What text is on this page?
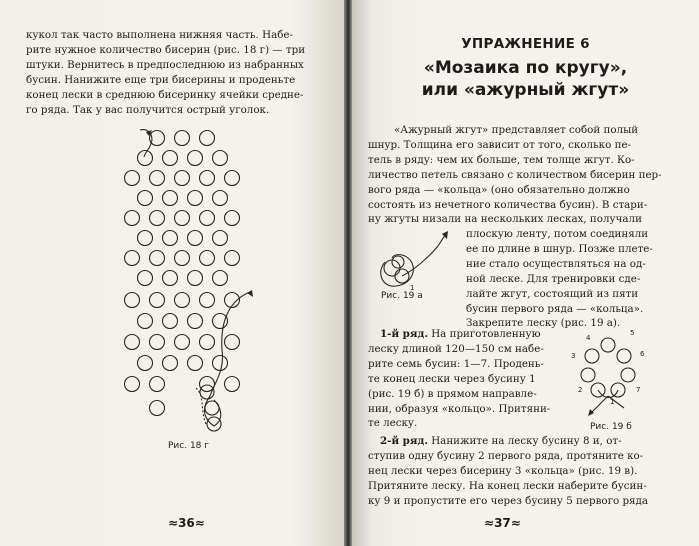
кукол так часто выполнена нижняя часть. Набе-
рите нужное количество бисерин (рис. 18 г) — три
штуки. Вернитесь в предпоследнюю из набранных
бусин. Нанижите еще три бисерины и проденьте
конец лески в среднюю бисеринку ячейки средне-
го ряда. Так у вас получится острый уголок.
Рис. 18 г
≈36≈
УПРАЖНЕНИЕ 6
«Мозаика по кругу»,
или «ажурный жгут»
«Ажурный жгут» представляет собой полый
шнур. Толщина его зависит от того, сколько пе-
тель в ряду: чем их больше, тем толще жгут. Ко-
личество петель связано с количеством бисерин пер-
вого ряда — «кольца» (оно обязательно должно
состоять из нечетного количества бусин). В стари-
ну жгуты низали на нескольких лесках, получали
плоскую ленту, потом соединяли
ее по длине в шнур. Позже плете-
ние стало осуществляться на од-
ной леске. Для тренировки сде-
лайте жгут, состоящий из пяти
бусин первого ряда — «кольца».
Закрепите леску (рис. 19 а).
1
Рис. 19 а
1-й ряд. На приготовленную
леску длиной 120—150 см набе-
рите семь бусин: 1—7. Продень-
те конец лески через бусину 1
(рис. 19 б) в прямом направле-
нии, образуя «кольцо». Притяни-
те леску.
1
2
3
4
5
6
7
Рис. 19 б
2-й ряд. Нанижите на леску бусину 8 и, от-
ступив одну бусину 2 первого ряда, протяните ко-
нец лески через бисерину 3 «кольца» (рис. 19 в).
Притяните леску. На конец лески наберите бусин-
ку 9 и пропустите его через бусину 5 первого ряда
≈37≈
